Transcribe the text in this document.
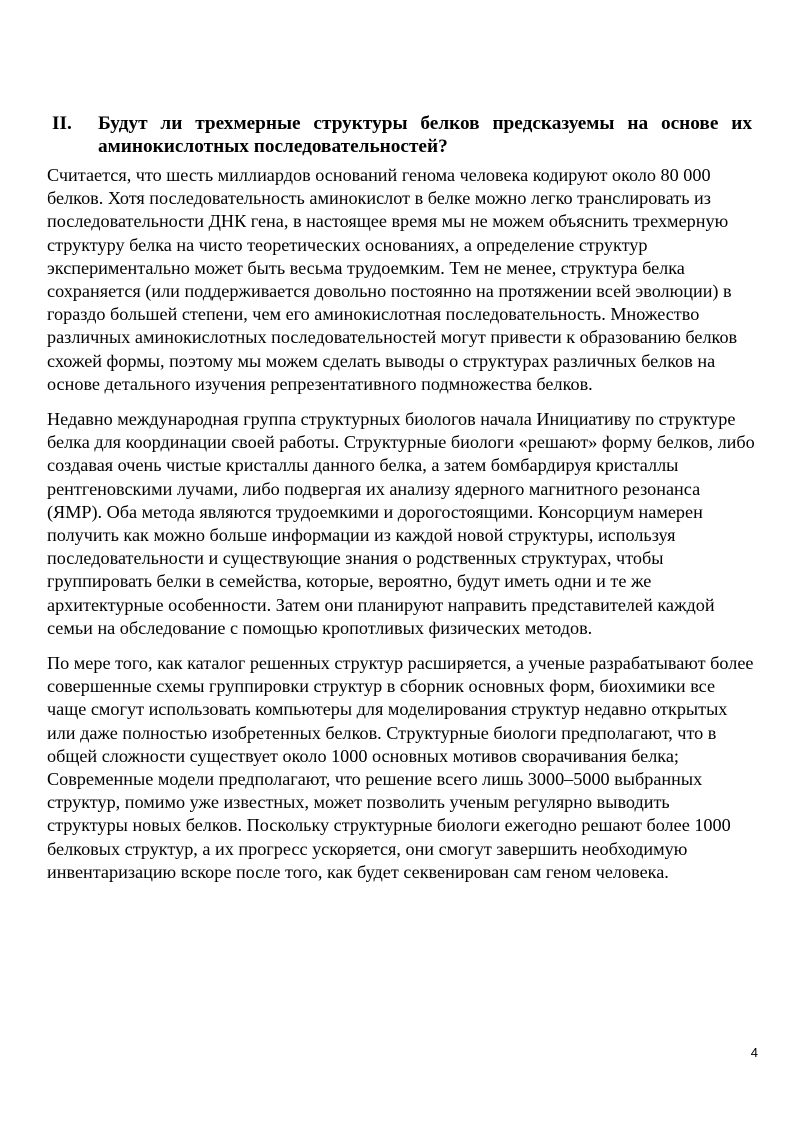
II. Будут ли трехмерные структуры белков предсказуемы на основе их аминокислотных последовательностей?

Считается, что шесть миллиардов оснований генома человека кодируют около 80 000 белков. Хотя последовательность аминокислот в белке можно легко транслировать из последовательности ДНК гена, в настоящее время мы не можем объяснить трехмерную структуру белка на чисто теоретических основаниях, а определение структур экспериментально может быть весьма трудоемким. Тем не менее, структура белка сохраняется (или поддерживается довольно постоянно на протяжении всей эволюции) в гораздо большей степени, чем его аминокислотная последовательность. Множество различных аминокислотных последовательностей могут привести к образованию белков схожей формы, поэтому мы можем сделать выводы о структурах различных белков на основе детального изучения репрезентативного подмножества белков.

Недавно международная группа структурных биологов начала Инициативу по структуре белка для координации своей работы. Структурные биологи «решают» форму белков, либо создавая очень чистые кристаллы данного белка, а затем бомбардируя кристаллы рентгеновскими лучами, либо подвергая их анализу ядерного магнитного резонанса (ЯМР). Оба метода являются трудоемкими и дорогостоящими. Консорциум намерен получить как можно больше информации из каждой новой структуры, используя последовательности и существующие знания о родственных структурах, чтобы группировать белки в семейства, которые, вероятно, будут иметь одни и те же архитектурные особенности. Затем они планируют направить представителей каждой семьи на обследование с помощью кропотливых физических методов.

По мере того, как каталог решенных структур расширяется, а ученые разрабатывают более совершенные схемы группировки структур в сборник основных форм, биохимики все чаще смогут использовать компьютеры для моделирования структур недавно открытых или даже полностью изобретенных белков. Структурные биологи предполагают, что в общей сложности существует около 1000 основных мотивов сворачивания белка; Современные модели предполагают, что решение всего лишь 3000–5000 выбранных структур, помимо уже известных, может позволить ученым регулярно выводить структуры новых белков. Поскольку структурные биологи ежегодно решают более 1000 белковых структур, а их прогресс ускоряется, они смогут завершить необходимую инвентаризацию вскоре после того, как будет секвенирован сам геном человека.

4
